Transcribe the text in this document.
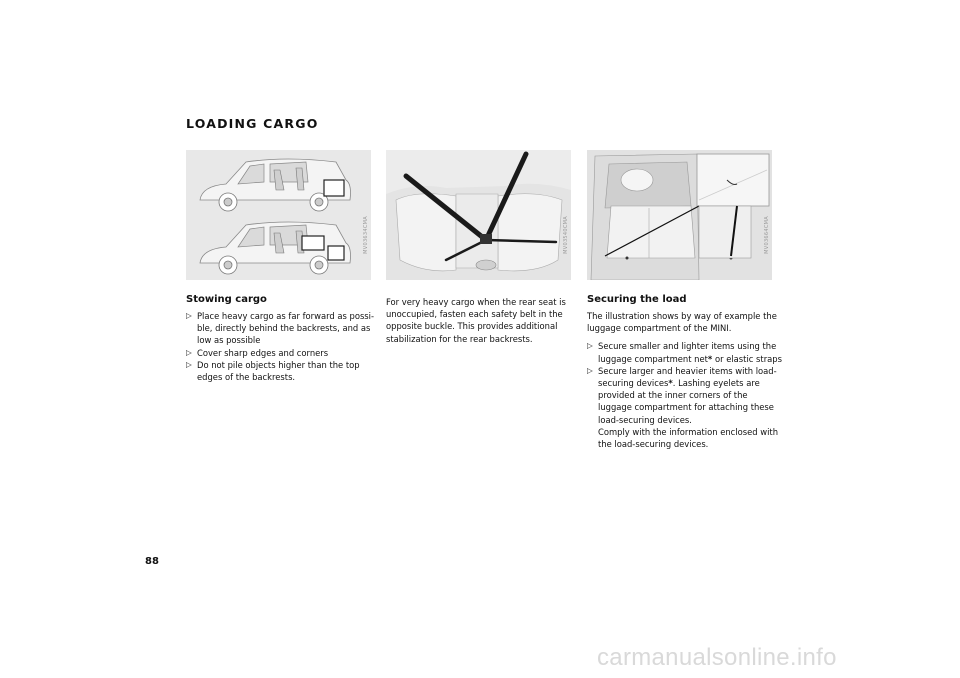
LOADING CARGO
MV03634CMA	MV03540CMA	MV03664CMA
Stowing cargo
▷ Place heavy cargo as far forward as possi-ble, directly behind the backrests, and as low as possible
▷ Cover sharp edges and corners
▷ Do not pile objects higher than the top edges of the backrests.

For very heavy cargo when the rear seat is unoccupied, fasten each safety belt in the opposite buckle. This provides additional stabilization for the rear backrests.

Securing the load

The illustration shows by way of example the luggage compartment of the MINI.

▷ Secure smaller and lighter items using the luggage compartment net* or elastic straps
▷ Secure larger and heavier items with load-securing devices*. Lashing eyelets are provided at the inner corners of the luggage compartment for attaching these load-securing devices.
Comply with the information enclosed with the load-securing devices.

88

carmanualsonline.info
